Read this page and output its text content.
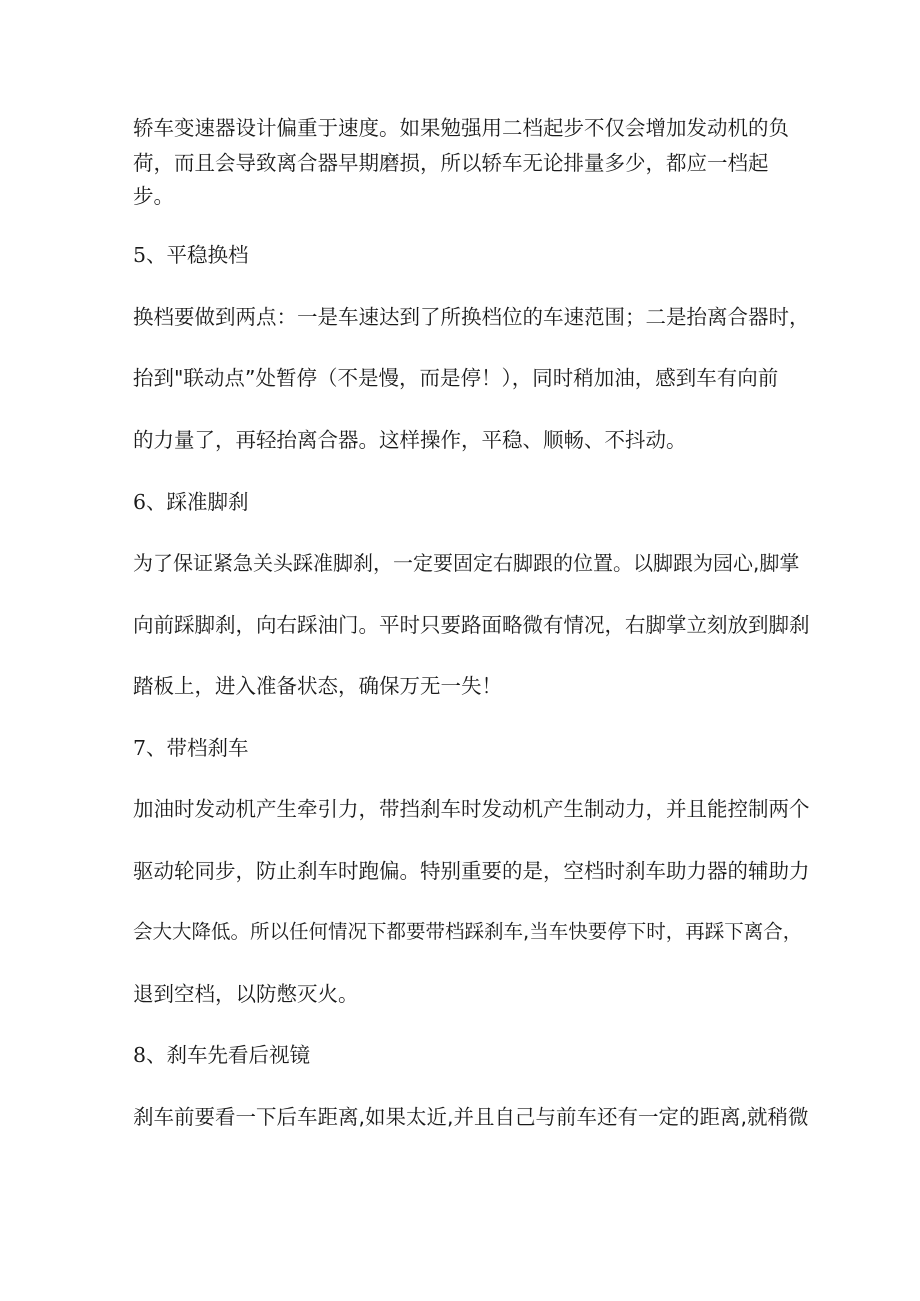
轿车变速器设计偏重于速度。如果勉强用二档起步不仅会增加发动机的负
荷，而且会导致离合器早期磨损，所以轿车无论排量多少，都应一档起
步。
5、平稳换档
换档要做到两点：一是车速达到了所换档位的车速范围；二是抬离合器时，
抬到"联动点”处暂停（不是慢，而是停！），同时稍加油，感到车有向前
的力量了，再轻抬离合器。这样操作，平稳、顺畅、不抖动。
6、踩准脚刹
为了保证紧急关头踩准脚刹，一定要固定右脚跟的位置。以脚跟为园心,脚掌
向前踩脚刹，向右踩油门。平时只要路面略微有情况，右脚掌立刻放到脚刹
踏板上，进入准备状态，确保万无一失！
7、带档刹车
加油时发动机产生牵引力，带挡刹车时发动机产生制动力，并且能控制两个
驱动轮同步，防止刹车时跑偏。特别重要的是，空档时刹车助力器的辅助力
会大大降低。所以任何情况下都要带档踩刹车,当车快要停下时，再踩下离合，
退到空档，以防憋灭火。
8、刹车先看后视镜
刹车前要看一下后车距离,如果太近,并且自己与前车还有一定的距离,就稍微
